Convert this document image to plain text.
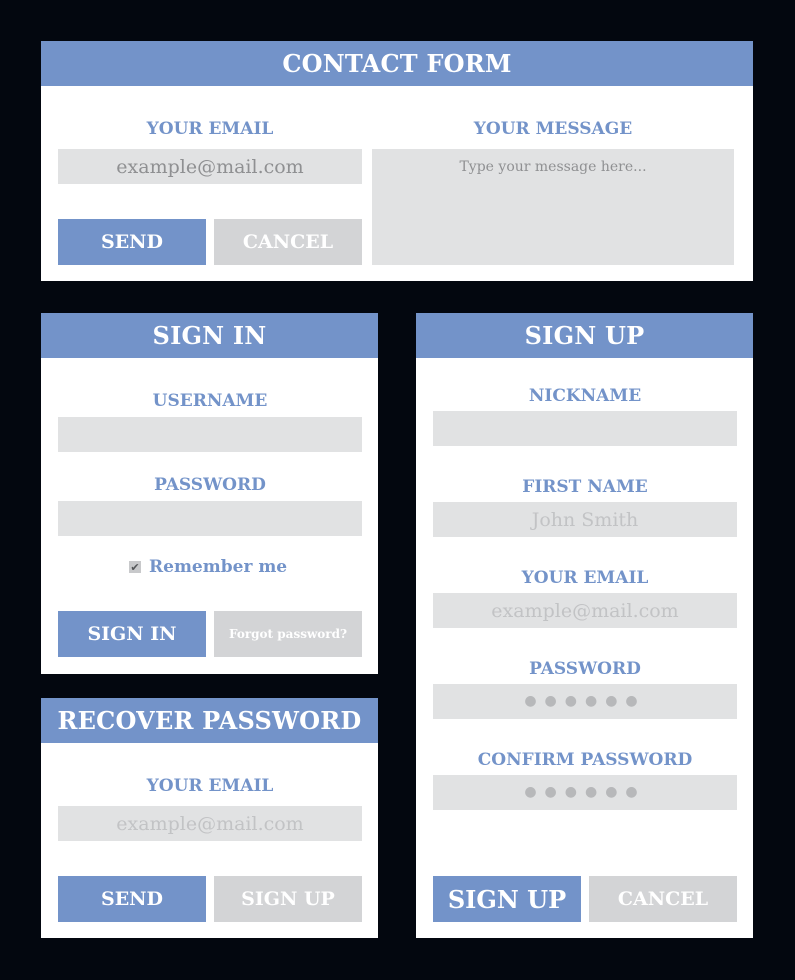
CONTACT FORM
YOUR EMAIL
example@mail.com	YOUR MESSAGE
Type your message here...
SEND	CANCEL
SIGN IN
USERNAME
PASSWORD
✔ Remember me
SIGN IN	Forgot password?
RECOVER PASSWORD
YOUR EMAIL
example@mail.com
SEND	SIGN UP
SIGN UP
NICKNAME
FIRST NAME
John Smith
YOUR EMAIL
example@mail.com
PASSWORD
●●●●●●
CONFIRM PASSWORD
●●●●●●
SIGN UP	CANCEL
